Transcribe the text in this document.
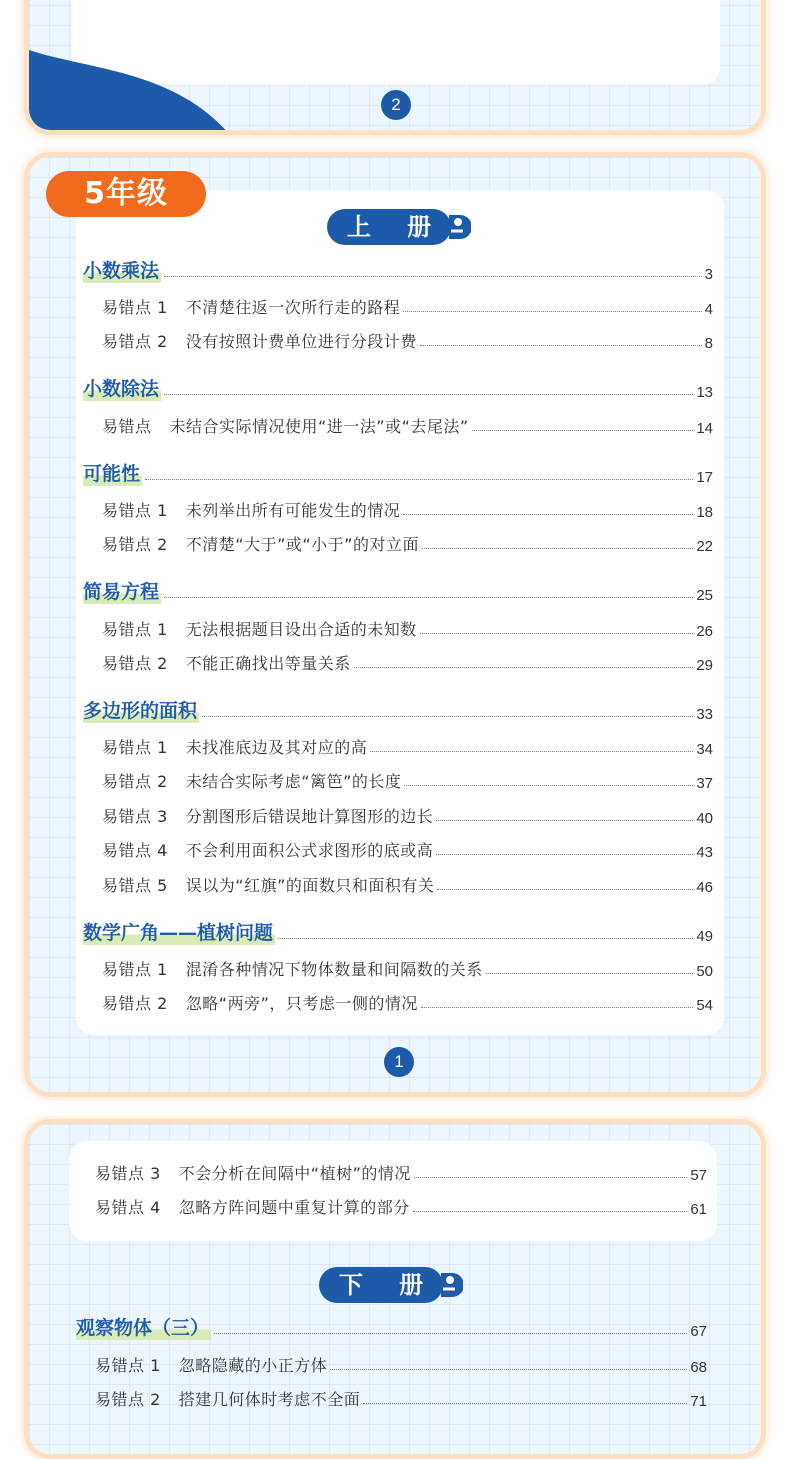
2
5年级
上 册
小数乘法	3
易错点 1 不清楚往返一次所行走的路程	4
易错点 2 没有按照计费单位进行分段计费	8
小数除法	13
易错点 未结合实际情况使用“进一法”或“去尾法”	14
可能性	17
易错点 1 未列举出所有可能发生的情况	18
易错点 2 不清楚“大于”或“小于”的对立面	22
简易方程	25
易错点 1 无法根据题目设出合适的未知数	26
易错点 2 不能正确找出等量关系	29
多边形的面积	33
易错点 1 未找准底边及其对应的高	34
易错点 2 未结合实际考虑“篱笆”的长度	37
易错点 3 分割图形后错误地计算图形的边长	40
易错点 4 不会利用面积公式求图形的底或高	43
易错点 5 误以为“红旗”的面数只和面积有关	46
数学广角——植树问题	49
易错点 1 混淆各种情况下物体数量和间隔数的关系	50
易错点 2 忽略“两旁”，只考虑一侧的情况	54
1
易错点 3 不会分析在间隔中“植树”的情况	57
易错点 4 忽略方阵问题中重复计算的部分	61
下 册
观察物体（三）	67
易错点 1 忽略隐藏的小正方体	68
易错点 2 搭建几何体时考虑不全面	71
